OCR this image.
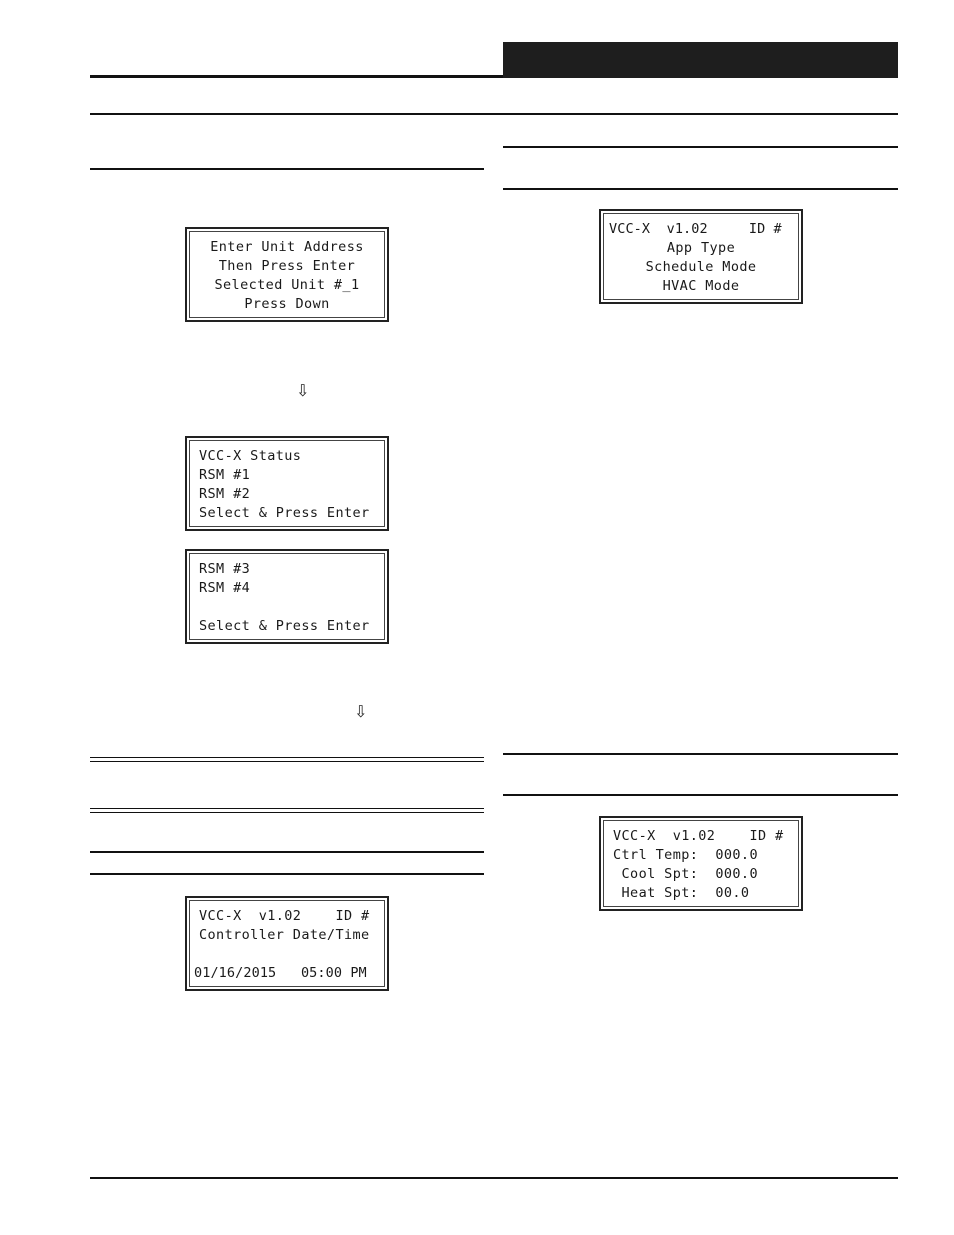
Enter Unit Address
Then Press Enter
Selected Unit #_1
Press Down
⇩
VCC-X Status
RSM #1
RSM #2
Select & Press Enter
RSM #3
RSM #4
Select & Press Enter
⇩
VCC-X  v1.02    ID #
Controller Date/Time
01/16/2015   05:00 PM
VCC-X  v1.02     ID #
App Type
Schedule Mode
HVAC Mode
VCC-X  v1.02    ID #
Ctrl Temp:  000.0
Cool Spt:  000.0
Heat Spt:  00.0
